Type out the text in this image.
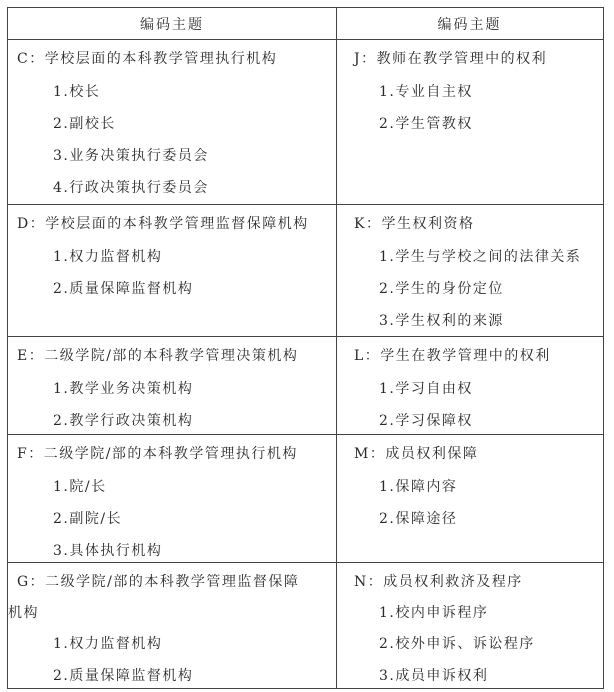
编码主题	编码主题
C：学校层面的本科教学管理执行机构
1.校长
2.副校长
3.业务决策执行委员会
4.行政决策执行委员会
J：教师在教学管理中的权利
1.专业自主权
2.学生管教权
D：学校层面的本科教学管理监督保障机构
1.权力监督机构
2.质量保障监督机构
K：学生权利资格
1.学生与学校之间的法律关系
2.学生的身份定位
3.学生权利的来源
E：二级学院/部的本科教学管理决策机构
1.教学业务决策机构
2.教学行政决策机构
L：学生在教学管理中的权利
1.学习自由权
2.学习保障权
F：二级学院/部的本科教学管理执行机构
1.院/长
2.副院/长
3.具体执行机构
M：成员权利保障
1.保障内容
2.保障途径
G：二级学院/部的本科教学管理监督保障
机构
1.权力监督机构
2.质量保障监督机构
N：成员权利救济及程序
1.校内申诉程序
2.校外申诉、诉讼程序
3.成员申诉权利
